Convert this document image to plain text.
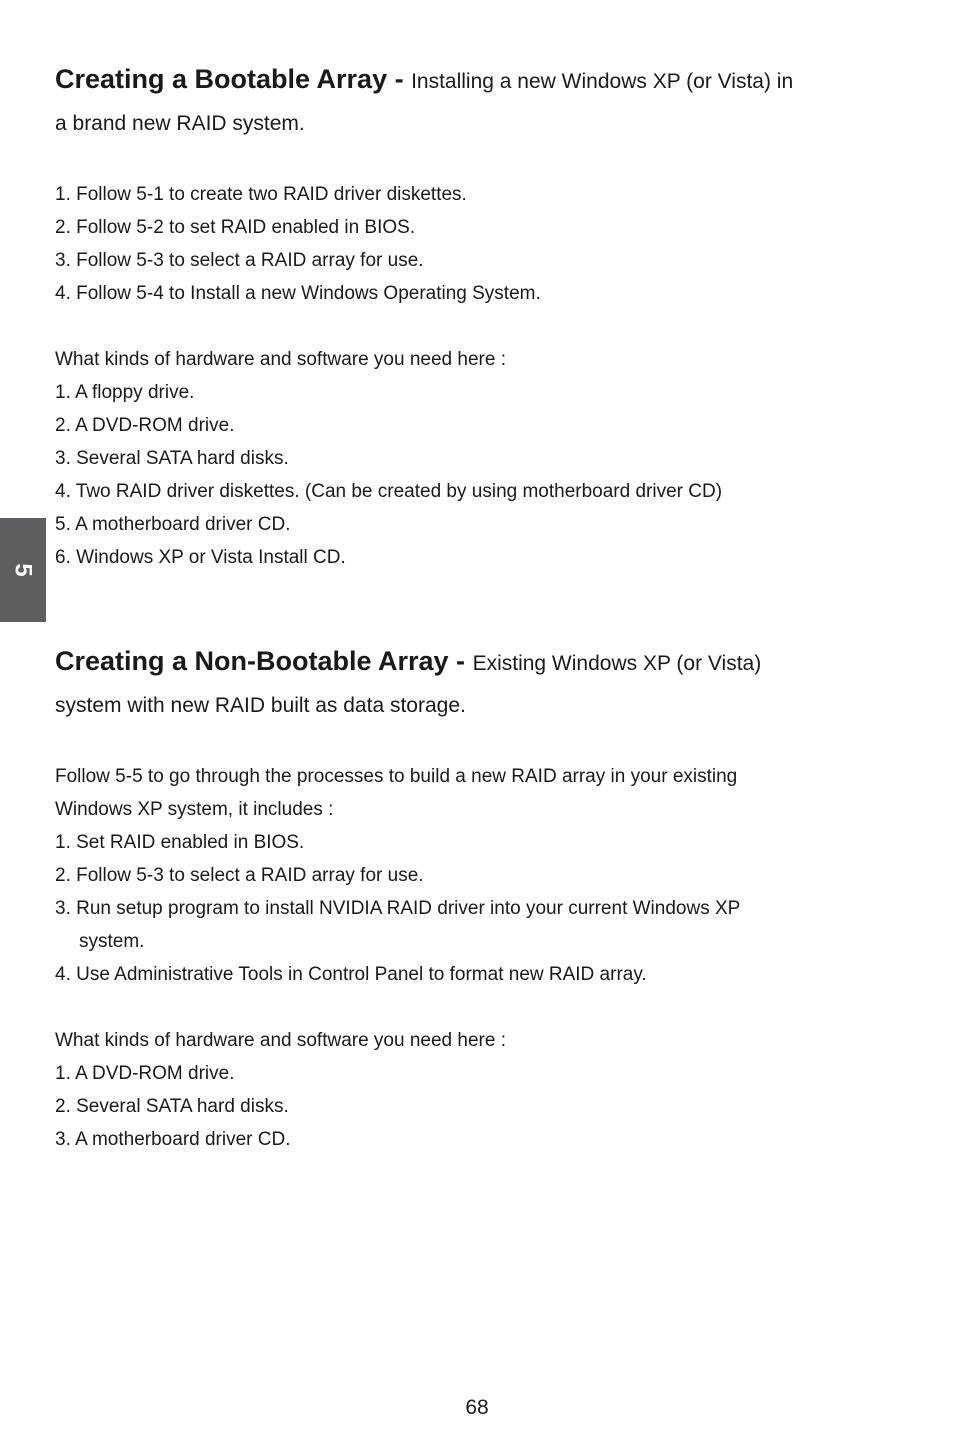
5
Creating a Bootable Array - Installing a new Windows XP (or Vista) in
a brand new RAID system.
1. Follow 5-1 to create two RAID driver diskettes.
2. Follow 5-2 to set RAID enabled in BIOS.
3. Follow 5-3 to select a RAID array for use.
4. Follow 5-4 to Install a new Windows Operating System.
What kinds of hardware and software you need here :
1. A floppy drive.
2. A DVD-ROM drive.
3. Several SATA hard disks.
4. Two RAID driver diskettes. (Can be created by using motherboard driver CD)
5. A motherboard driver CD.
6. Windows XP or Vista Install CD.
Creating a Non-Bootable Array - Existing Windows XP (or Vista)
system with new RAID built as data storage.
Follow 5-5 to go through the processes to build a new RAID array in your existing
Windows XP system, it includes :
1. Set RAID enabled in BIOS.
2. Follow 5-3 to select a RAID array for use.
3. Run setup program to install NVIDIA RAID driver into your current Windows XP
system.
4. Use Administrative Tools in Control Panel to format new RAID array.
What kinds of hardware and software you need here :
1. A DVD-ROM drive.
2. Several SATA hard disks.
3. A motherboard driver CD.
68
